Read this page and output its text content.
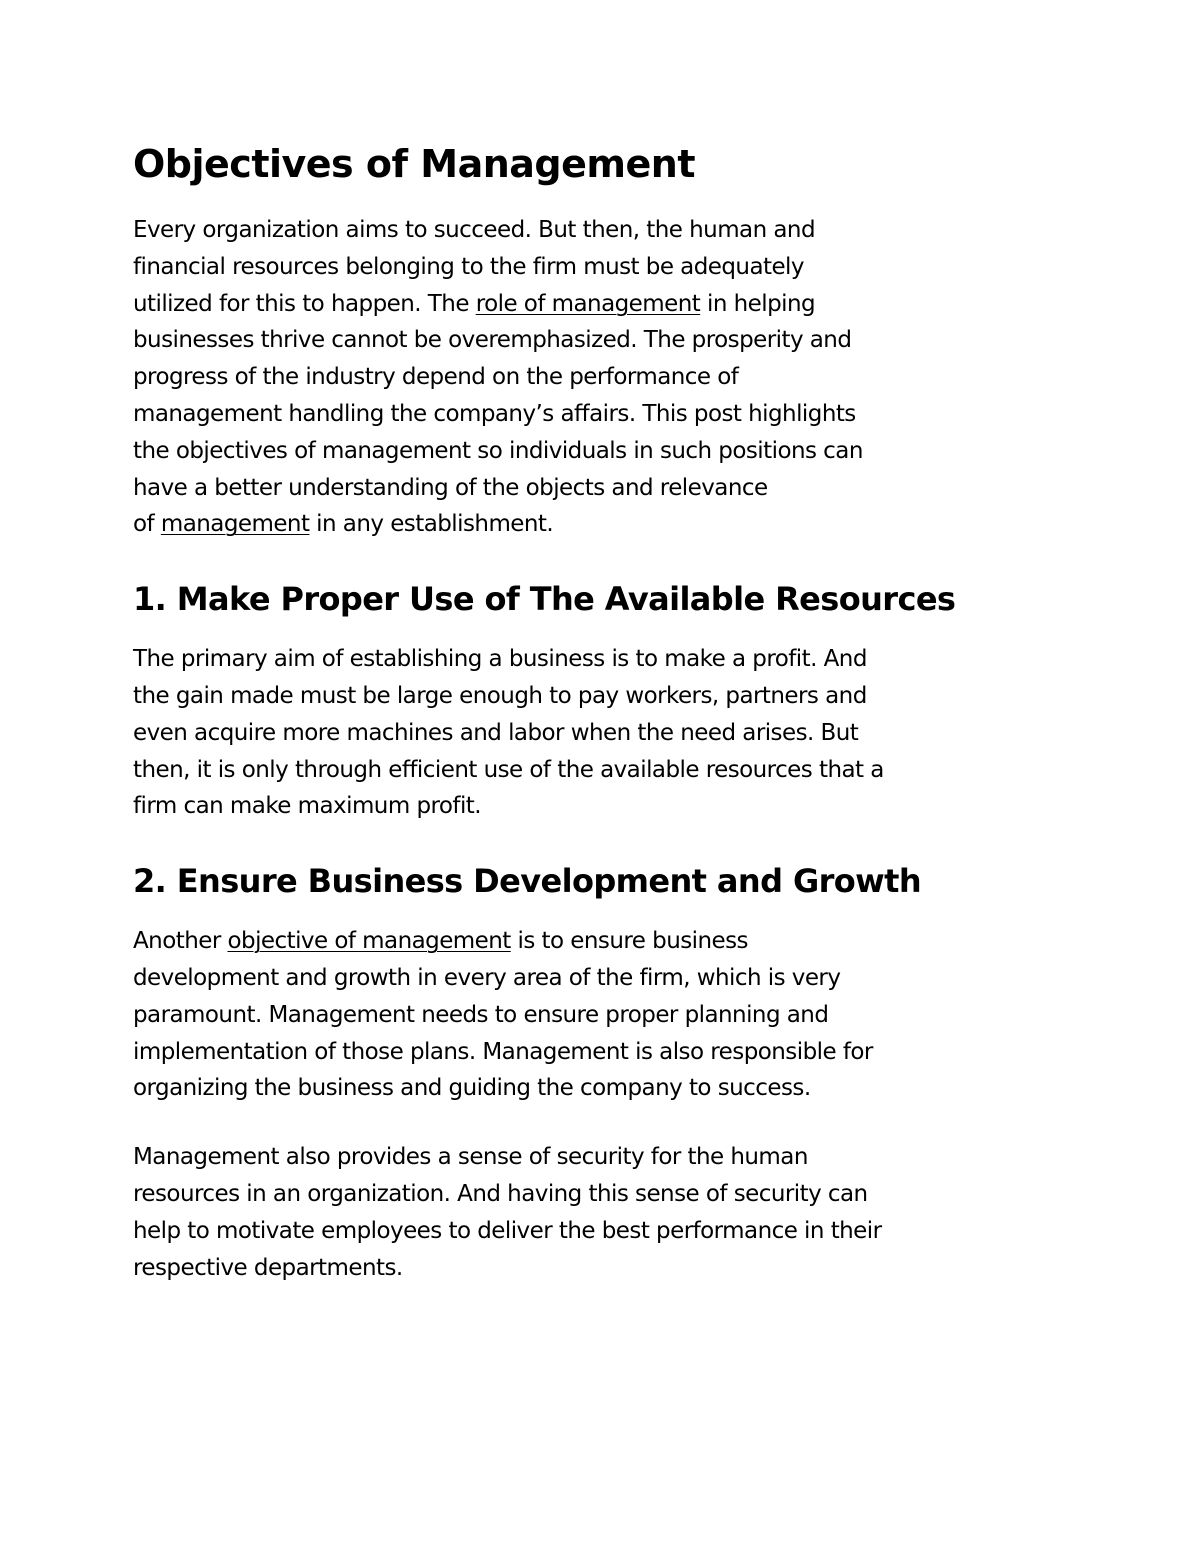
Objectives of Management
Every organization aims to succeed. But then, the human and
financial resources belonging to the firm must be adequately
utilized for this to happen. The role of management in helping
businesses thrive cannot be overemphasized. The prosperity and
progress of the industry depend on the performance of
management handling the company’s affairs. This post highlights
the objectives of management so individuals in such positions can
have a better understanding of the objects and relevance
of management in any establishment.
1. Make Proper Use of The Available Resources
The primary aim of establishing a business is to make a profit. And
the gain made must be large enough to pay workers, partners and
even acquire more machines and labor when the need arises. But
then, it is only through efficient use of the available resources that a
firm can make maximum profit.
2. Ensure Business Development and Growth
Another objective of management is to ensure business
development and growth in every area of the firm, which is very
paramount. Management needs to ensure proper planning and
implementation of those plans. Management is also responsible for
organizing the business and guiding the company to success.
Management also provides a sense of security for the human
resources in an organization. And having this sense of security can
help to motivate employees to deliver the best performance in their
respective departments.
